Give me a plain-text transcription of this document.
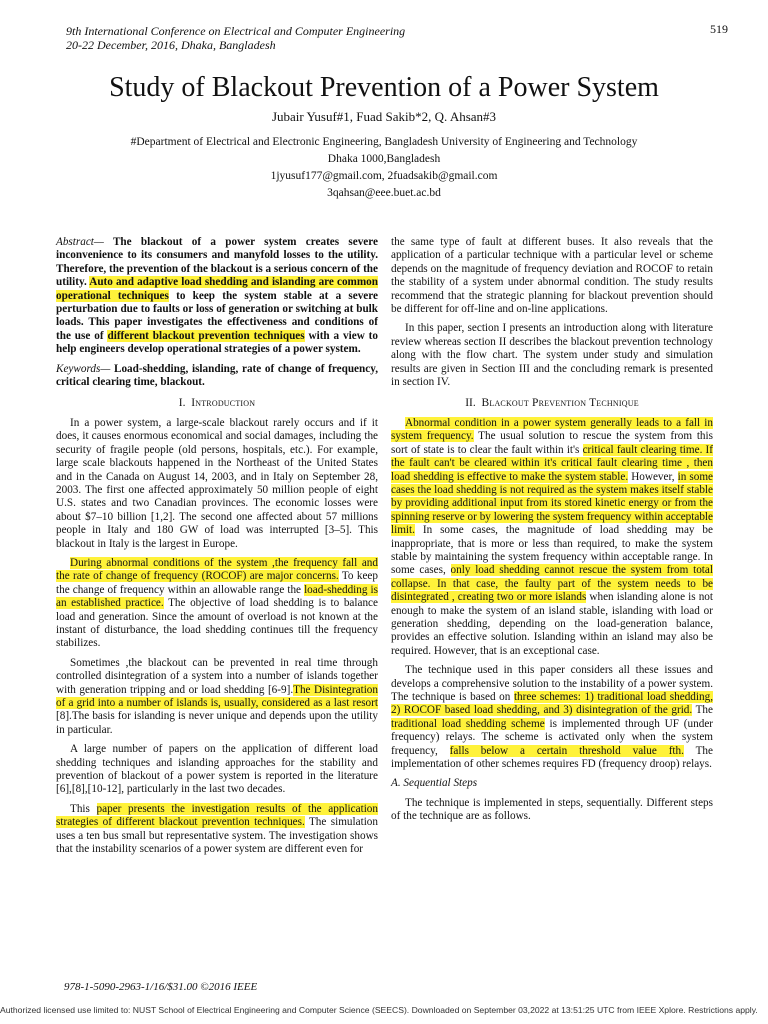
9th International Conference on Electrical and Computer Engineering
20-22 December, 2016, Dhaka, Bangladesh
519
Study of Blackout Prevention of a Power System
Jubair Yusuf#1, Fuad Sakib*2, Q. Ahsan#3
#Department of Electrical and Electronic Engineering, Bangladesh University of Engineering and Technology
Dhaka 1000,Bangladesh
1jyusuf177@gmail.com, 2fuadsakib@gmail.com
3qahsan@eee.buet.ac.bd

Abstract— The blackout of a power system creates severe inconvenience to its consumers and manyfold losses to the utility. Therefore, the prevention of the blackout is a serious concern of the utility. Auto and adaptive load shedding and islanding are common operational techniques to keep the system stable at a severe perturbation due to faults or loss of generation or switching at bulk loads. This paper investigates the effectiveness and conditions of the use of different blackout prevention techniques with a view to help engineers develop operational strategies of a power system.

Keywords— Load-shedding, islanding, rate of change of frequency, critical clearing time, blackout.

I. Introduction

In a power system, a large-scale blackout rarely occurs and if it does, it causes enormous economical and social damages, including the security of fragile people (old persons, hospitals, etc.). For example, large scale blackouts happened in the Northeast of the United States and in the Canada on August 14, 2003, and in Italy on September 28, 2003. The first one affected approximately 50 million people of eight U.S. states and two Canadian provinces. The economic losses were about $7–10 billion [1,2]. The second one affected about 57 millions people in Italy and 180 GW of load was interrupted [3–5]. This blackout in Italy is the largest in Europe.

During abnormal conditions of the system ,the frequency fall and the rate of change of frequency (ROCOF) are major concerns. To keep the change of frequency within an allowable range the load-shedding is an established practice. The objective of load shedding is to balance load and generation. Since the amount of overload is not known at the instant of disturbance, the load shedding continues till the frequency stabilizes.

Sometimes ,the blackout can be prevented in real time through controlled disintegration of a system into a number of islands together with generation tripping and or load shedding [6-9].The Disintegration of a grid into a number of islands is, usually, considered as a last resort [8].The basis for islanding is never unique and depends upon the utility in particular.

A large number of papers on the application of different load shedding techniques and islanding approaches for the stability and prevention of blackout of a power system is reported in the literature [6],[8],[10-12], particularly in the last two decades.

This paper presents the investigation results of the application strategies of different blackout prevention techniques. The simulation uses a ten bus small but representative system. The investigation shows that the instability scenarios of a power system are different even for

the same type of fault at different buses. It also reveals that the application of a particular technique with a particular level or scheme depends on the magnitude of frequency deviation and ROCOF to retain the stability of a system under abnormal condition. The study results recommend that the strategic planning for blackout prevention should be different for off-line and on-line applications.

In this paper, section I presents an introduction along with literature review whereas section II describes the blackout prevention technology along with the flow chart. The system under study and simulation results are given in Section III and the concluding remark is presented in section IV.

II. Blackout Prevention Technique

Abnormal condition in a power system generally leads to a fall in system frequency. The usual solution to rescue the system from this sort of state is to clear the fault within it's critical fault clearing time. If the fault can't be cleared within it's critical fault clearing time , then load shedding is effective to make the system stable. However, in some cases the load shedding is not required as the system makes itself stable by providing additional input from its stored kinetic energy or from the spinning reserve or by lowering the system frequency within acceptable limit. In some cases, the magnitude of load shedding may be inappropriate, that is more or less than required, to make the system stable by maintaining the system frequency within acceptable range. In some cases, only load shedding cannot rescue the system from total collapse. In that case, the faulty part of the system needs to be disintegrated , creating two or more islands when islanding alone is not enough to make the system of an island stable, islanding with load or generation shedding, depending on the load-generation balance, provides an effective solution. Islanding within an island may also be required. However, that is an exceptional case.

The technique used in this paper considers all these issues and develops a comprehensive solution to the instability of a power system. The technique is based on three schemes: 1) traditional load shedding, 2) ROCOF based load shedding, and 3) disintegration of the grid. The traditional load shedding scheme is implemented through UF (under frequency) relays. The scheme is activated only when the system frequency, falls below a certain threshold value fth. The implementation of other schemes requires FD (frequency droop) relays.

A. Sequential Steps

The technique is implemented in steps, sequentially. Different steps of the technique are as follows.

978-1-5090-2963-1/16/$31.00 ©2016 IEEE
Authorized licensed use limited to: NUST School of Electrical Engineering and Computer Science (SEECS). Downloaded on September 03,2022 at 13:51:25 UTC from IEEE Xplore. Restrictions apply.
